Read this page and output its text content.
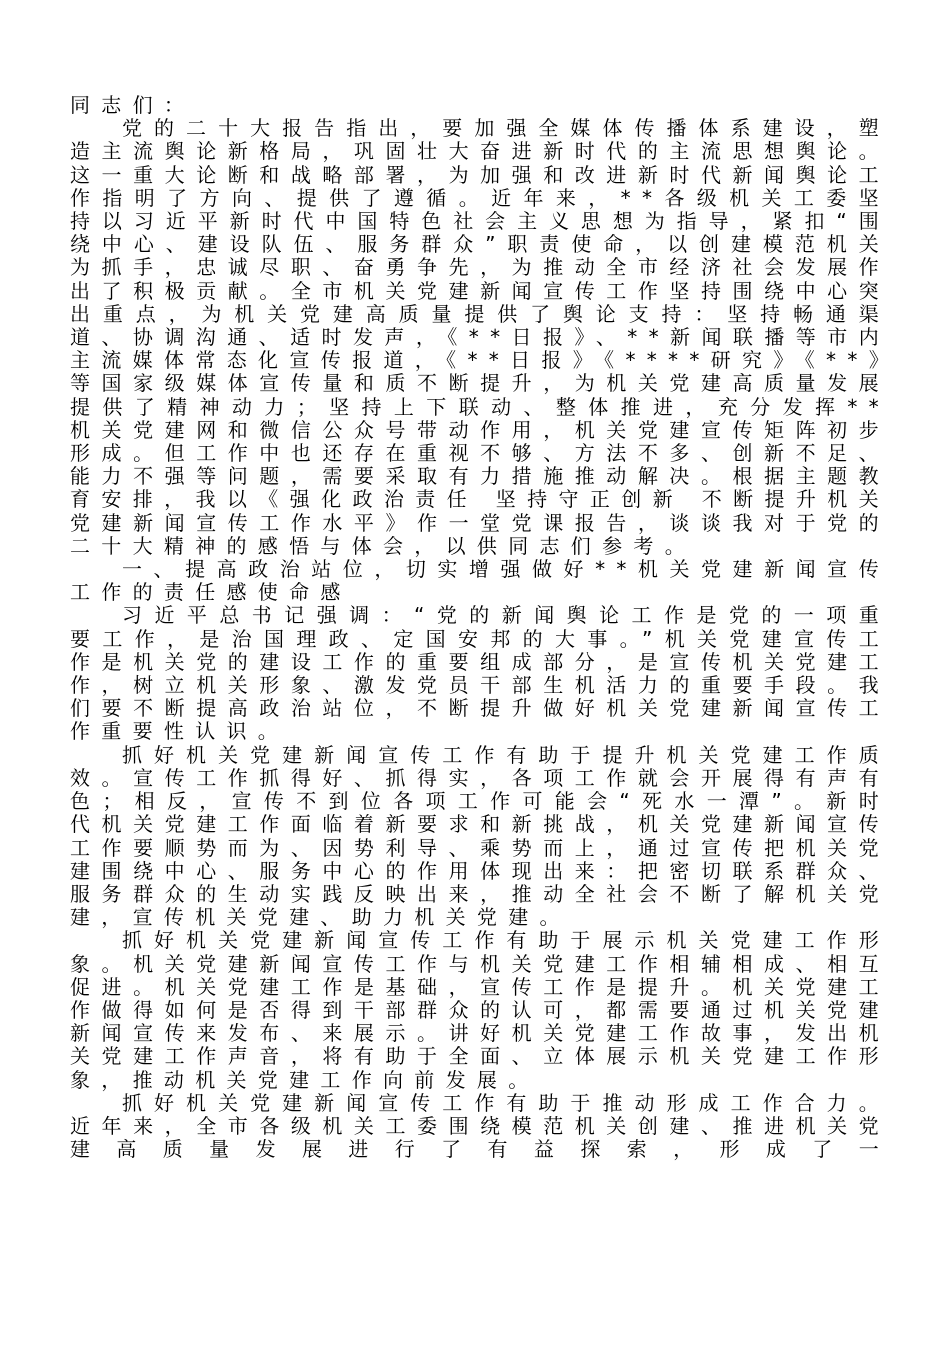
同志们：

党的二十大报告指出，要加强全媒体传播体系建设，塑造主流舆论新格局，巩固壮大奋进新时代的主流思想舆论。这一重大论断和战略部署，为加强和改进新时代新闻舆论工作指明了方向、提供了遵循。近年来，**各级机关工委坚持以习近平新时代中国特色社会主义思想为指导，紧扣“围绕中心、建设队伍、服务群众”职责使命，以创建模范机关为抓手，忠诚尽职、奋勇争先，为推动全市经济社会发展作出了积极贡献。全市机关党建新闻宣传工作坚持围绕中心突出重点，为机关党建高质量提供了舆论支持：坚持畅通渠道、协调沟通、适时发声，《**日报》、**新闻联播等市内主流媒体常态化宣传报道，《**日报》《****研究》《**》等国家级媒体宣传量和质不断提升，为机关党建高质量发展提供了精神动力；坚持上下联动、整体推进，充分发挥**机关党建网和微信公众号带动作用，机关党建宣传矩阵初步形成。但工作中也还存在重视不够、方法不多、创新不足、能力不强等问题，需要采取有力措施推动解决。根据主题教育安排，我以《强化政治责任 坚持守正创新 不断提升机关党建新闻宣传工作水平》作一堂党课报告，谈谈我对于党的二十大精神的感悟与体会，以供同志们参考。

一、提高政治站位，切实增强做好**机关党建新闻宣传工作的责任感使命感

习近平总书记强调：“党的新闻舆论工作是党的一项重要工作，是治国理政、定国安邦的大事。”机关党建宣传工作是机关党的建设工作的重要组成部分，是宣传机关党建工作，树立机关形象、激发党员干部生机活力的重要手段。我们要不断提高政治站位，不断提升做好机关党建新闻宣传工作重要性认识。

抓好机关党建新闻宣传工作有助于提升机关党建工作质效。宣传工作抓得好、抓得实，各项工作就会开展得有声有色；相反，宣传不到位各项工作可能会“死水一潭”。新时代机关党建工作面临着新要求和新挑战，机关党建新闻宣传工作要顺势而为、因势利导、乘势而上，通过宣传把机关党建围绕中心、服务中心的作用体现出来：把密切联系群众、服务群众的生动实践反映出来，推动全社会不断了解机关党建，宣传机关党建、助力机关党建。

抓好机关党建新闻宣传工作有助于展示机关党建工作形象。机关党建新闻宣传工作与机关党建工作相辅相成、相互促进。机关党建工作是基础，宣传工作是提升。机关党建工作做得如何是否得到干部群众的认可，都需要通过机关党建新闻宣传来发布、来展示。讲好机关党建工作故事，发出机关党建工作声音，将有助于全面、立体展示机关党建工作形象，推动机关党建工作向前发展。

抓好机关党建新闻宣传工作有助于推动形成工作合力。近年来，全市各级机关工委围绕模范机关创建、推进机关党建高质量发展进行了有益探索，形成了一
